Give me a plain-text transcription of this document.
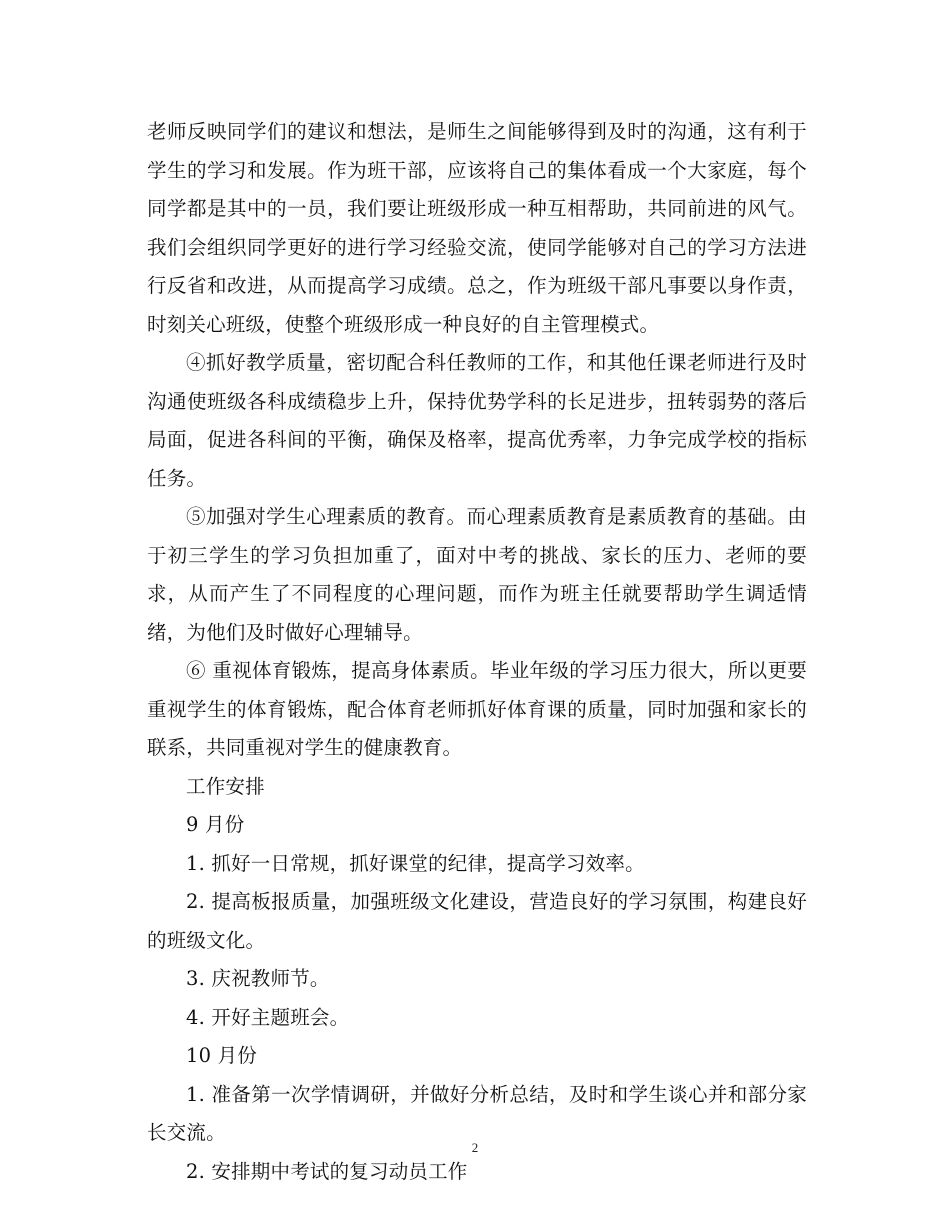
老师反映同学们的建议和想法，是师生之间能够得到及时的沟通，这有利于学生的学习和发展。作为班干部，应该将自己的集体看成一个大家庭，每个同学都是其中的一员，我们要让班级形成一种互相帮助，共同前进的风气。我们会组织同学更好的进行学习经验交流，使同学能够对自己的学习方法进行反省和改进，从而提高学习成绩。总之，作为班级干部凡事要以身作责，时刻关心班级，使整个班级形成一种良好的自主管理模式。

④抓好教学质量，密切配合科任教师的工作，和其他任课老师进行及时沟通使班级各科成绩稳步上升，保持优势学科的长足进步，扭转弱势的落后局面，促进各科间的平衡，确保及格率，提高优秀率，力争完成学校的指标任务。

⑤加强对学生心理素质的教育。而心理素质教育是素质教育的基础。由于初三学生的学习负担加重了，面对中考的挑战、家长的压力、老师的要求，从而产生了不同程度的心理问题，而作为班主任就要帮助学生调适情绪，为他们及时做好心理辅导。

⑥ 重视体育锻炼，提高身体素质。毕业年级的学习压力很大，所以更要重视学生的体育锻炼，配合体育老师抓好体育课的质量，同时加强和家长的联系，共同重视对学生的健康教育。

工作安排

9 月份

1. 抓好一日常规，抓好课堂的纪律，提高学习效率。

2. 提高板报质量，加强班级文化建设，营造良好的学习氛围，构建良好的班级文化。

3. 庆祝教师节。

4. 开好主题班会。

10 月份

1. 准备第一次学情调研，并做好分析总结，及时和学生谈心并和部分家长交流。

2. 安排期中考试的复习动员工作

2
